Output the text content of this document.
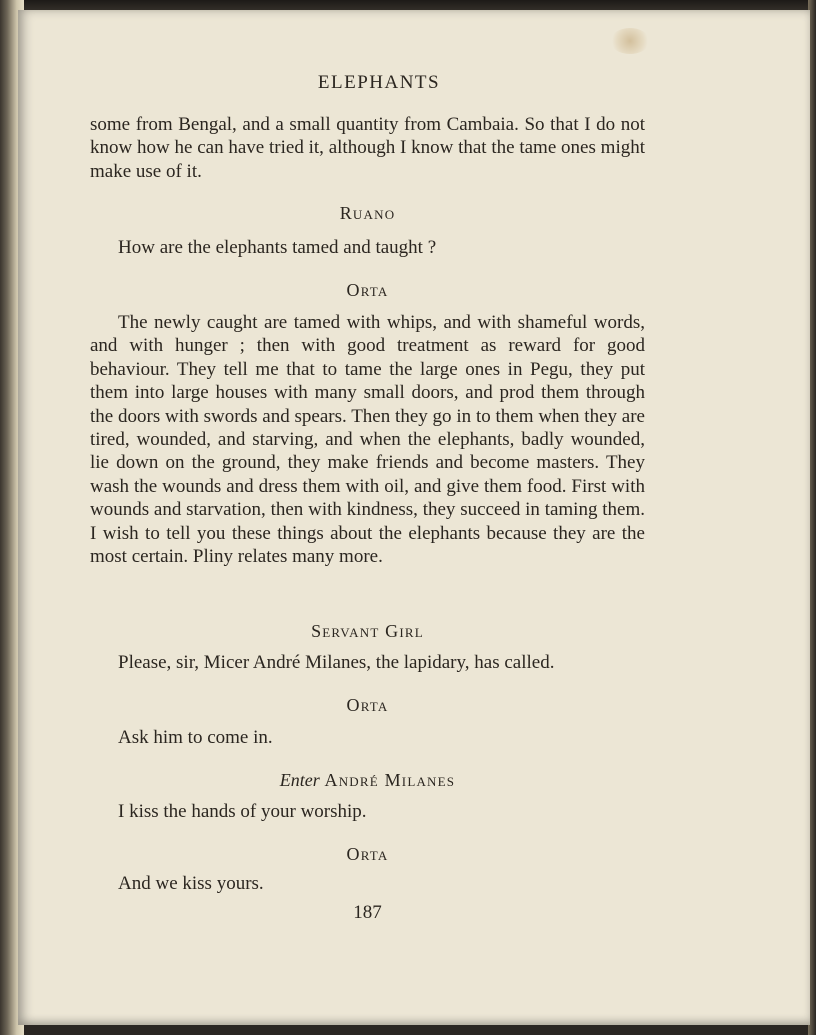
ELEPHANTS

some from Bengal, and a small quantity from Cambaia. So that I do not know how he can have tried it, although I know that the tame ones might make use of it.

Ruano

How are the elephants tamed and taught ?

Orta

The newly caught are tamed with whips, and with shameful words, and with hunger ; then with good treatment as reward for good behaviour. They tell me that to tame the large ones in Pegu, they put them into large houses with many small doors, and prod them through the doors with swords and spears. Then they go in to them when they are tired, wounded, and starving, and when the elephants, badly wounded, lie down on the ground, they make friends and become masters. They wash the wounds and dress them with oil, and give them food. First with wounds and starvation, then with kindness, they succeed in taming them. I wish to tell you these things about the elephants because they are the most certain. Pliny relates many more.

Servant Girl

Please, sir, Micer André Milanes, the lapidary, has called.

Orta

Ask him to come in.

Enter André Milanes

I kiss the hands of your worship.

Orta

And we kiss yours.

187
